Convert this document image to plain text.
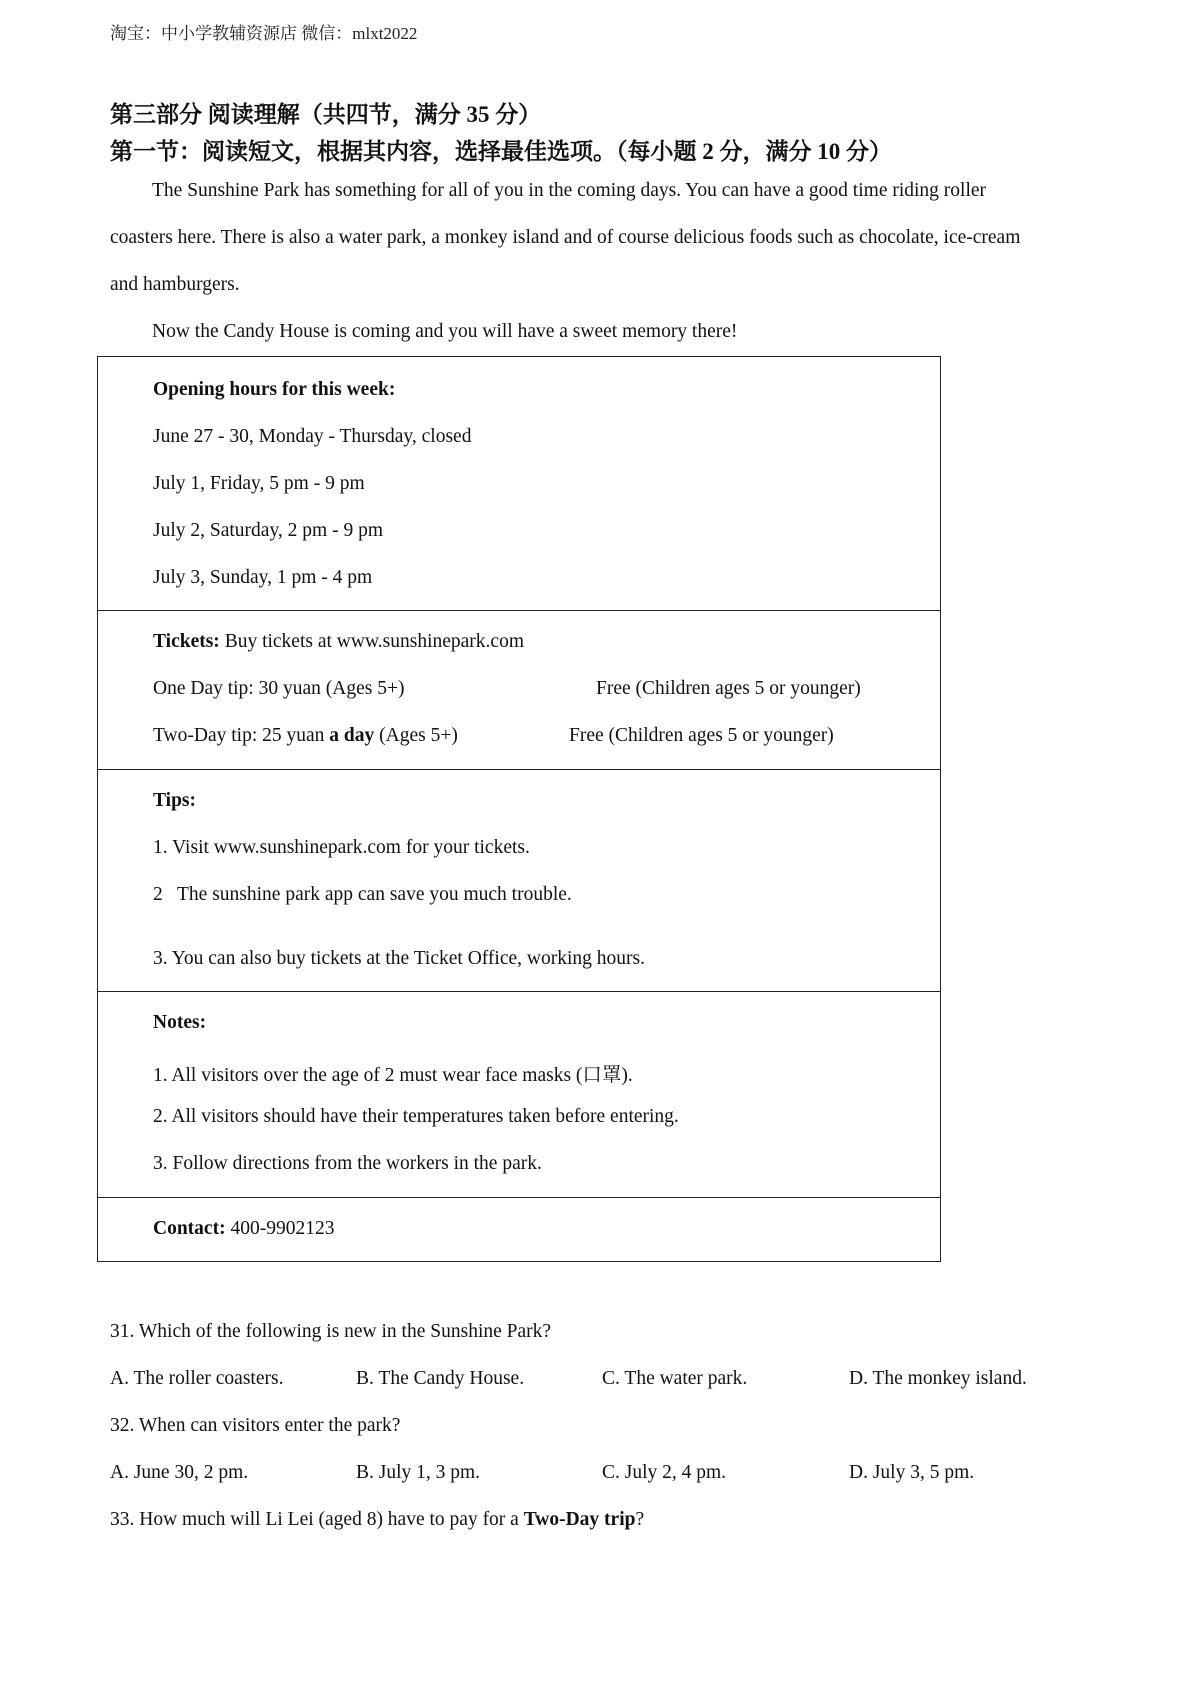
淘宝：中小学教辅资源店 微信：mlxt2022
第三部分 阅读理解（共四节，满分 35 分）
第一节：阅读短文，根据其内容，选择最佳选项。（每小题 2 分，满分 10 分）
The Sunshine Park has something for all of you in the coming days. You can have a good time riding roller
coasters here. There is also a water park, a monkey island and of course delicious foods such as chocolate, ice-cream
and hamburgers.
Now the Candy House is coming and you will have a sweet memory there!
Opening hours for this week:
June 27 - 30, Monday - Thursday, closed
July 1, Friday, 5 pm - 9 pm
July 2, Saturday, 2 pm - 9 pm
July 3, Sunday, 1 pm - 4 pm
Tickets: Buy tickets at www.sunshinepark.com
One Day tip: 30 yuan (Ages 5+)	Free (Children ages 5 or younger)
Two-Day tip: 25 yuan a day (Ages 5+)	Free (Children ages 5 or younger)
Tips:
1. Visit www.sunshinepark.com for your tickets.
2   The sunshine park app can save you much trouble.
3. You can also buy tickets at the Ticket Office, working hours.
Notes:
1. All visitors over the age of 2 must wear face masks (口罩).
2. All visitors should have their temperatures taken before entering.
3. Follow directions from the workers in the park.
Contact: 400-9902123
31. Which of the following is new in the Sunshine Park?
A. The roller coasters.	B. The Candy House.	C. The water park.	D. The monkey island.
32. When can visitors enter the park?
A. June 30, 2 pm.	B. July 1, 3 pm.	C. July 2, 4 pm.	D. July 3, 5 pm.
33. How much will Li Lei (aged 8) have to pay for a Two-Day trip?
